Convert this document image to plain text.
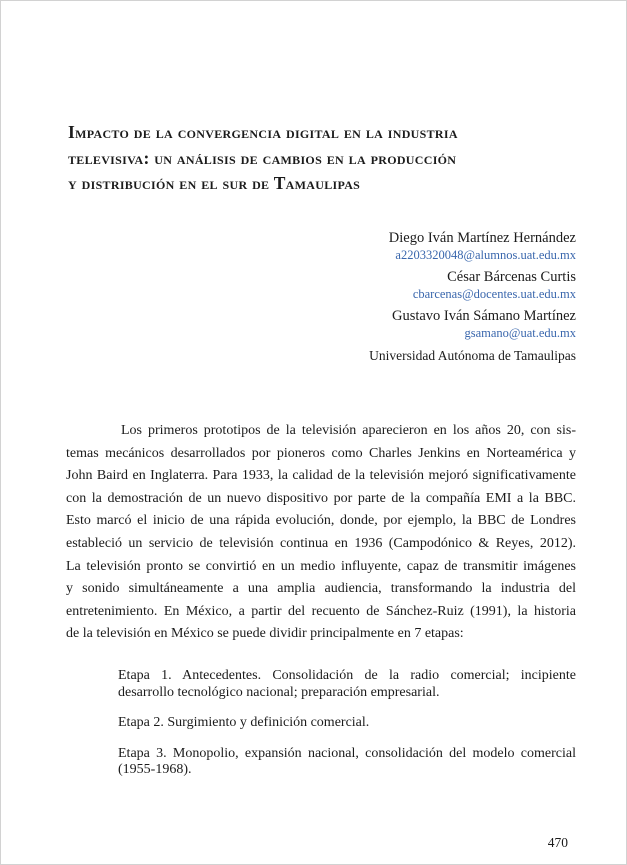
Impacto de la convergencia digital en la industria
televisiva: un análisis de cambios en la producción
y distribución en el sur de Tamaulipas
Diego Iván Martínez Hernández
a2203320048@alumnos.uat.edu.mx
César Bárcenas Curtis
cbarcenas@docentes.uat.edu.mx
Gustavo Iván Sámano Martínez
gsamano@uat.edu.mx
Universidad Autónoma de Tamaulipas
Los primeros prototipos de la televisión aparecieron en los años 20, con sis-
temas mecánicos desarrollados por pioneros como Charles Jenkins en Norteamérica y
John Baird en Inglaterra. Para 1933, la calidad de la televisión mejoró significativamente
con la demostración de un nuevo dispositivo por parte de la compañía EMI a la BBC.
Esto marcó el inicio de una rápida evolución, donde, por ejemplo, la BBC de Londres
estableció un servicio de televisión continua en 1936 (Campodónico & Reyes, 2012).
La televisión pronto se convirtió en un medio influyente, capaz de transmitir imágenes
y sonido simultáneamente a una amplia audiencia, transformando la industria del
entretenimiento. En México, a partir del recuento de Sánchez-Ruiz (1991), la historia
de la televisión en México se puede dividir principalmente en 7 etapas:
Etapa 1. Antecedentes. Consolidación de la radio comercial; incipiente
desarrollo tecnológico nacional; preparación empresarial.
Etapa 2. Surgimiento y definición comercial.
Etapa 3. Monopolio, expansión nacional, consolidación del modelo comercial
(1955-1968).
470
